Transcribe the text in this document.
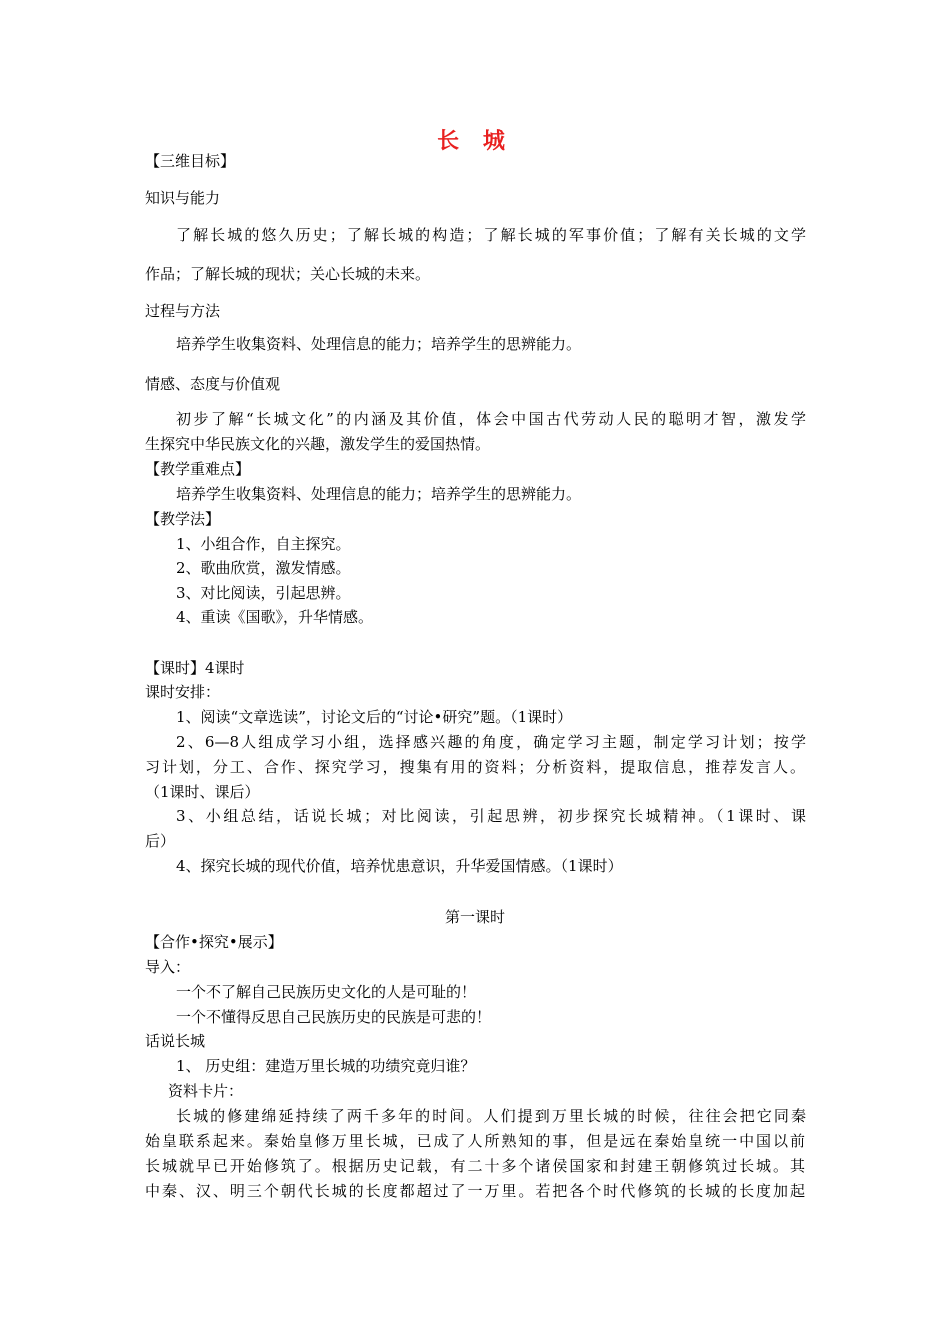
长 城
【三维目标】
知识与能力
了解长城的悠久历史；了解长城的构造；了解长城的军事价值；了解有关长城的文学
作品；了解长城的现状；关心长城的未来。
过程与方法
培养学生收集资料、处理信息的能力；培养学生的思辨能力。
情感、态度与价值观
初步了解“长城文化”的内涵及其价值，体会中国古代劳动人民的聪明才智，激发学
生探究中华民族文化的兴趣，激发学生的爱国热情。
【教学重难点】
培养学生收集资料、处理信息的能力；培养学生的思辨能力。
【教学法】
1、小组合作，自主探究。
2、歌曲欣赏，激发情感。
3、对比阅读，引起思辨。
4、重读《国歌》，升华情感。
【课时】4课时
课时安排：
1、阅读“文章选读”，讨论文后的“讨论•研究”题。（1课时）
2、6—8人组成学习小组，选择感兴趣的角度，确定学习主题，制定学习计划；按学
习计划，分工、合作、探究学习，搜集有用的资料；分析资料，提取信息，推荐发言人。
（1课时、课后）
3、小组总结，话说长城；对比阅读，引起思辨，初步探究长城精神。（1课时、课
后）
4、探究长城的现代价值，培养忧患意识，升华爱国情感。（1课时）
第一课时
【合作•探究•展示】
导入：
一个不了解自己民族历史文化的人是可耻的！
一个不懂得反思自己民族历史的民族是可悲的！
话说长城
1、 历史组：建造万里长城的功绩究竟归谁？
资料卡片：
长城的修建绵延持续了两千多年的时间。人们提到万里长城的时候，往往会把它同秦
始皇联系起来。秦始皇修万里长城，已成了人所熟知的事，但是远在秦始皇统一中国以前
长城就早已开始修筑了。根据历史记载，有二十多个诸侯国家和封建王朝修筑过长城。其
中秦、汉、明三个朝代长城的长度都超过了一万里。若把各个时代修筑的长城的长度加起
